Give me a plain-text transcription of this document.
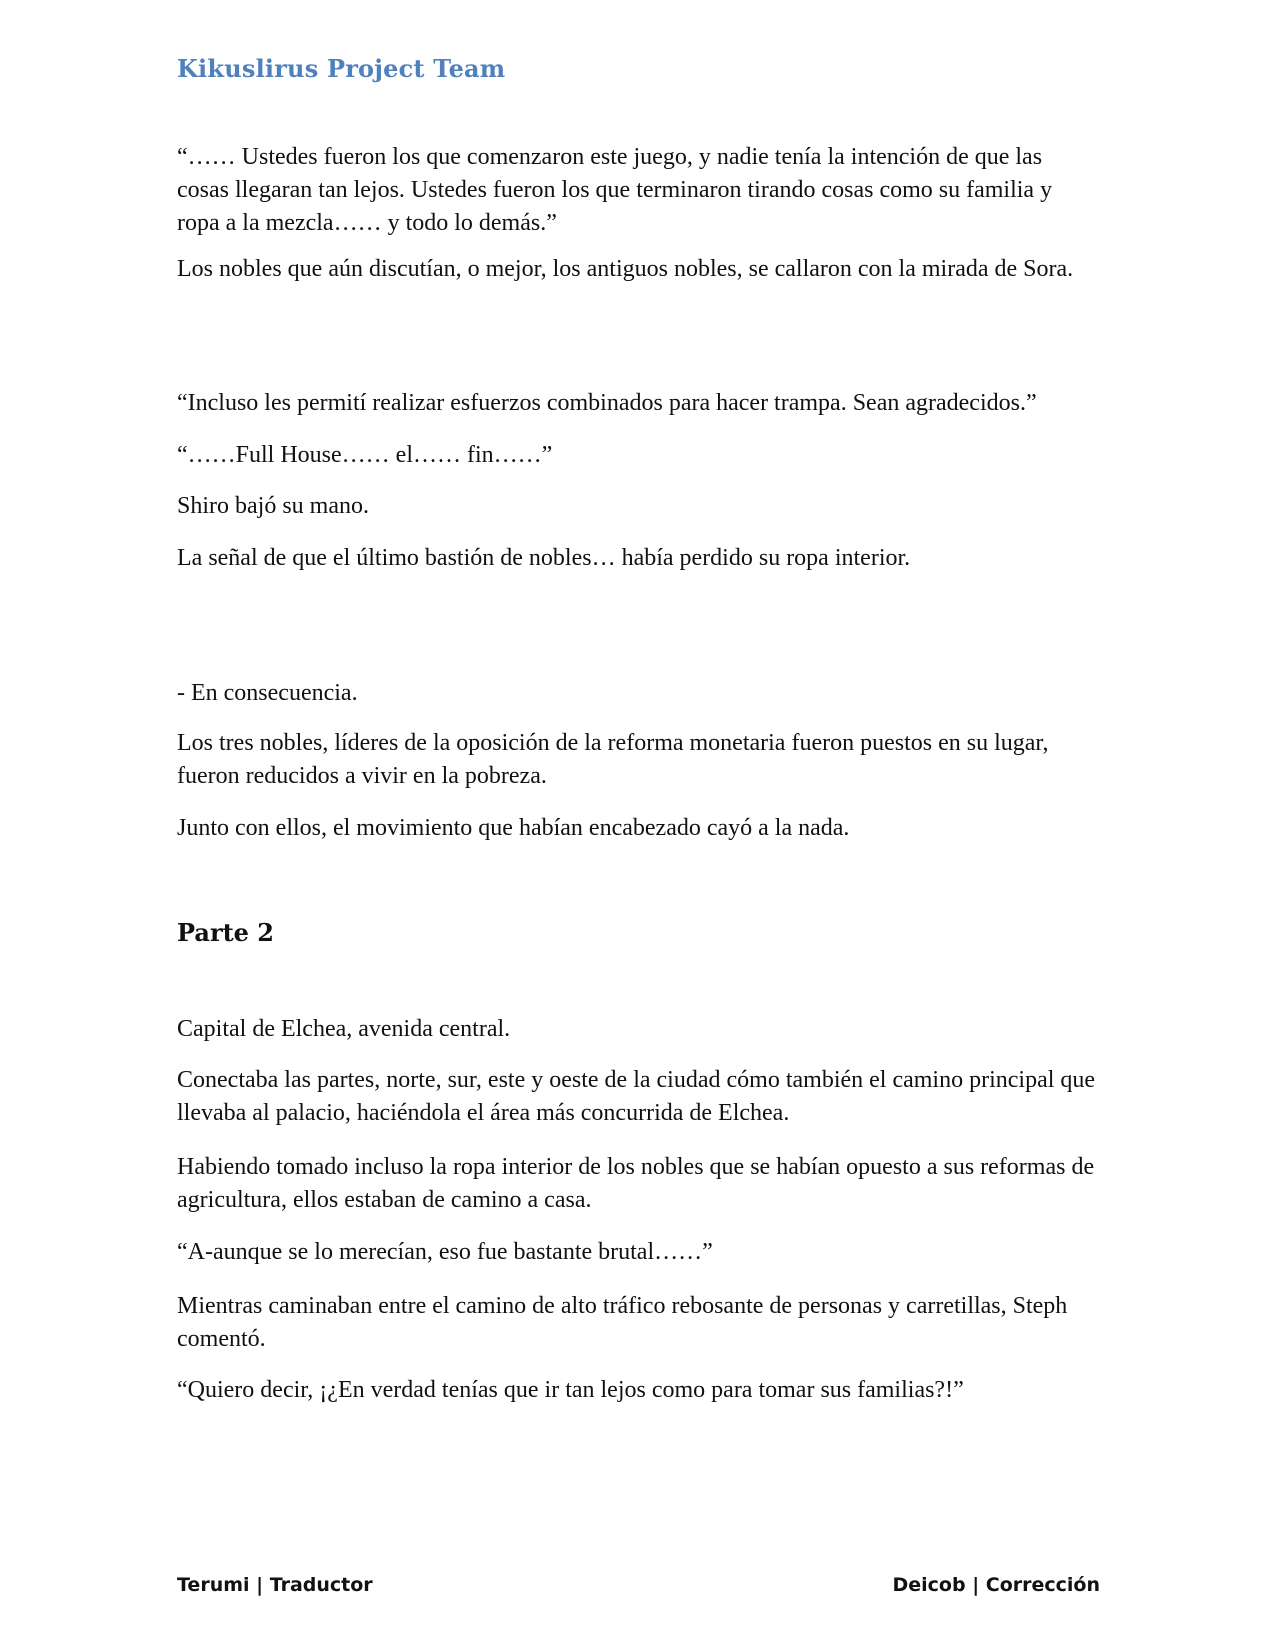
Kikuslirus Project Team

“…… Ustedes fueron los que comenzaron este juego, y nadie tenía la intención de que las cosas llegaran tan lejos. Ustedes fueron los que terminaron tirando cosas como su familia y ropa a la mezcla…… y todo lo demás.”

Los nobles que aún discutían, o mejor, los antiguos nobles, se callaron con la mirada de Sora.

“Incluso les permití realizar esfuerzos combinados para hacer trampa. Sean agradecidos.”

“……Full House…… el…… fin……”

Shiro bajó su mano.

La señal de que el último bastión de nobles… había perdido su ropa interior.

- En consecuencia.

Los tres nobles, líderes de la oposición de la reforma monetaria fueron puestos en su lugar, fueron reducidos a vivir en la pobreza.

Junto con ellos, el movimiento que habían encabezado cayó a la nada.

Parte 2

Capital de Elchea, avenida central.

Conectaba las partes, norte, sur, este y oeste de la ciudad cómo también el camino principal que llevaba al palacio, haciéndola el área más concurrida de Elchea.

Habiendo tomado incluso la ropa interior de los nobles que se habían opuesto a sus reformas de agricultura, ellos estaban de camino a casa.

“A-aunque se lo merecían, eso fue bastante brutal……”

Mientras caminaban entre el camino de alto tráfico rebosante de personas y carretillas, Steph comentó.

“Quiero decir, ¡¿En verdad tenías que ir tan lejos como para tomar sus familias?!”

Terumi | Traductor	Deicob | Corrección
